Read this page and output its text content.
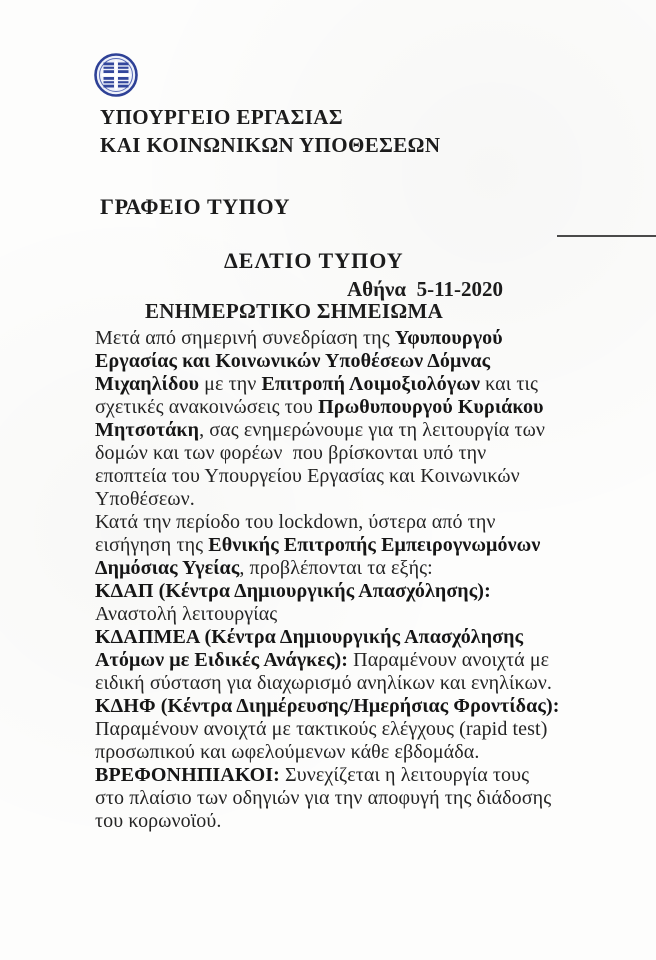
ΥΠΟΥΡΓΕΙΟ ΕΡΓΑΣΙΑΣ
ΚΑΙ ΚΟΙΝΩΝΙΚΩΝ ΥΠΟΘΕΣΕΩΝ
ΓΡΑΦΕΙΟ ΤΥΠΟΥ
ΔΕΛΤΙΟ ΤΥΠΟΥ
Αθήνα  5-11-2020
ΕΝΗΜΕΡΩΤΙΚΟ ΣΗΜΕΙΩΜΑ
Μετά από σημερινή συνεδρίαση της Υφυπουργού
Εργασίας και Κοινωνικών Υποθέσεων Δόμνας
Μιχαηλίδου με την Επιτροπή Λοιμοξιολόγων και τις
σχετικές ανακοινώσεις του Πρωθυπουργού Κυριάκου
Μητσοτάκη, σας ενημερώνουμε για τη λειτουργία των
δομών και των φορέων  που βρίσκονται υπό την
εποπτεία του Υπουργείου Εργασίας και Κοινωνικών
Υποθέσεων.
Κατά την περίοδο του lockdown, ύστερα από την
εισήγηση της Εθνικής Επιτροπής Εμπειρογνωμόνων
Δημόσιας Υγείας, προβλέπονται τα εξής:
ΚΔΑΠ (Κέντρα Δημιουργικής Απασχόλησης):
Αναστολή λειτουργίας
ΚΔΑΠΜΕΑ (Κέντρα Δημιουργικής Απασχόλησης
Ατόμων με Ειδικές Ανάγκες): Παραμένουν ανοιχτά με
ειδική σύσταση για διαχωρισμό ανηλίκων και ενηλίκων.
ΚΔΗΦ (Κέντρα Διημέρευσης/Ημερήσιας Φροντίδας):
Παραμένουν ανοιχτά με τακτικούς ελέγχους (rapid test)
προσωπικού και ωφελούμενων κάθε εβδομάδα.
ΒΡΕΦΟΝΗΠΙΑΚΟΙ: Συνεχίζεται η λειτουργία τους
στο πλαίσιο των οδηγιών για την αποφυγή της διάδοσης
του κορωνοϊού.
